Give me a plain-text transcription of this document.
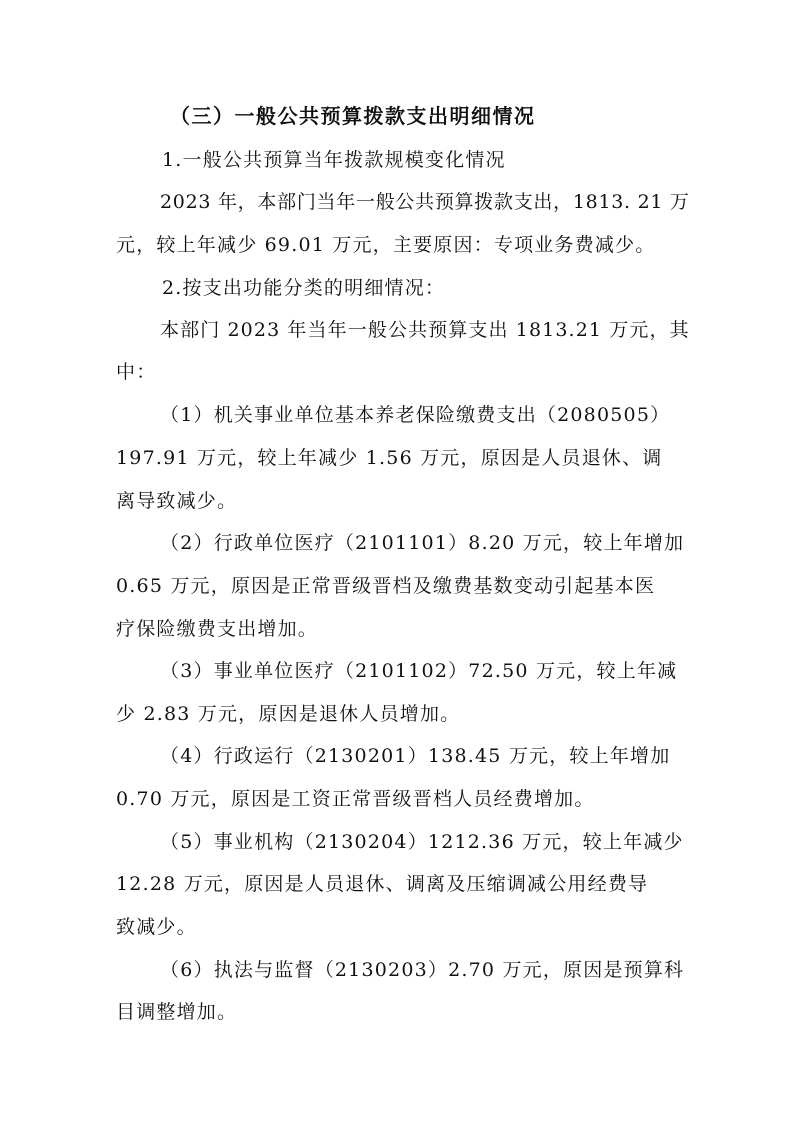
（三）一般公共预算拨款支出明细情况
1.一般公共预算当年拨款规模变化情况
2023 年，本部门当年一般公共预算拨款支出，1813. 21 万
元，较上年减少 69.01 万元，主要原因：专项业务费减少。
2.按支出功能分类的明细情况：
本部门 2023 年当年一般公共预算支出 1813.21 万元，其
中：
（1）机关事业单位基本养老保险缴费支出（2080505）
197.91 万元，较上年减少 1.56 万元，原因是人员退休、调
离导致减少。
（2）行政单位医疗（2101101）8.20 万元，较上年增加
0.65 万元，原因是正常晋级晋档及缴费基数变动引起基本医
疗保险缴费支出增加。
（3）事业单位医疗（2101102）72.50 万元，较上年减
少 2.83 万元，原因是退休人员增加。
（4）行政运行（2130201）138.45 万元，较上年增加
0.70 万元，原因是工资正常晋级晋档人员经费增加。
（5）事业机构（2130204）1212.36 万元，较上年减少
12.28 万元，原因是人员退休、调离及压缩调减公用经费导
致减少。
（6）执法与监督（2130203）2.70 万元，原因是预算科
目调整增加。
